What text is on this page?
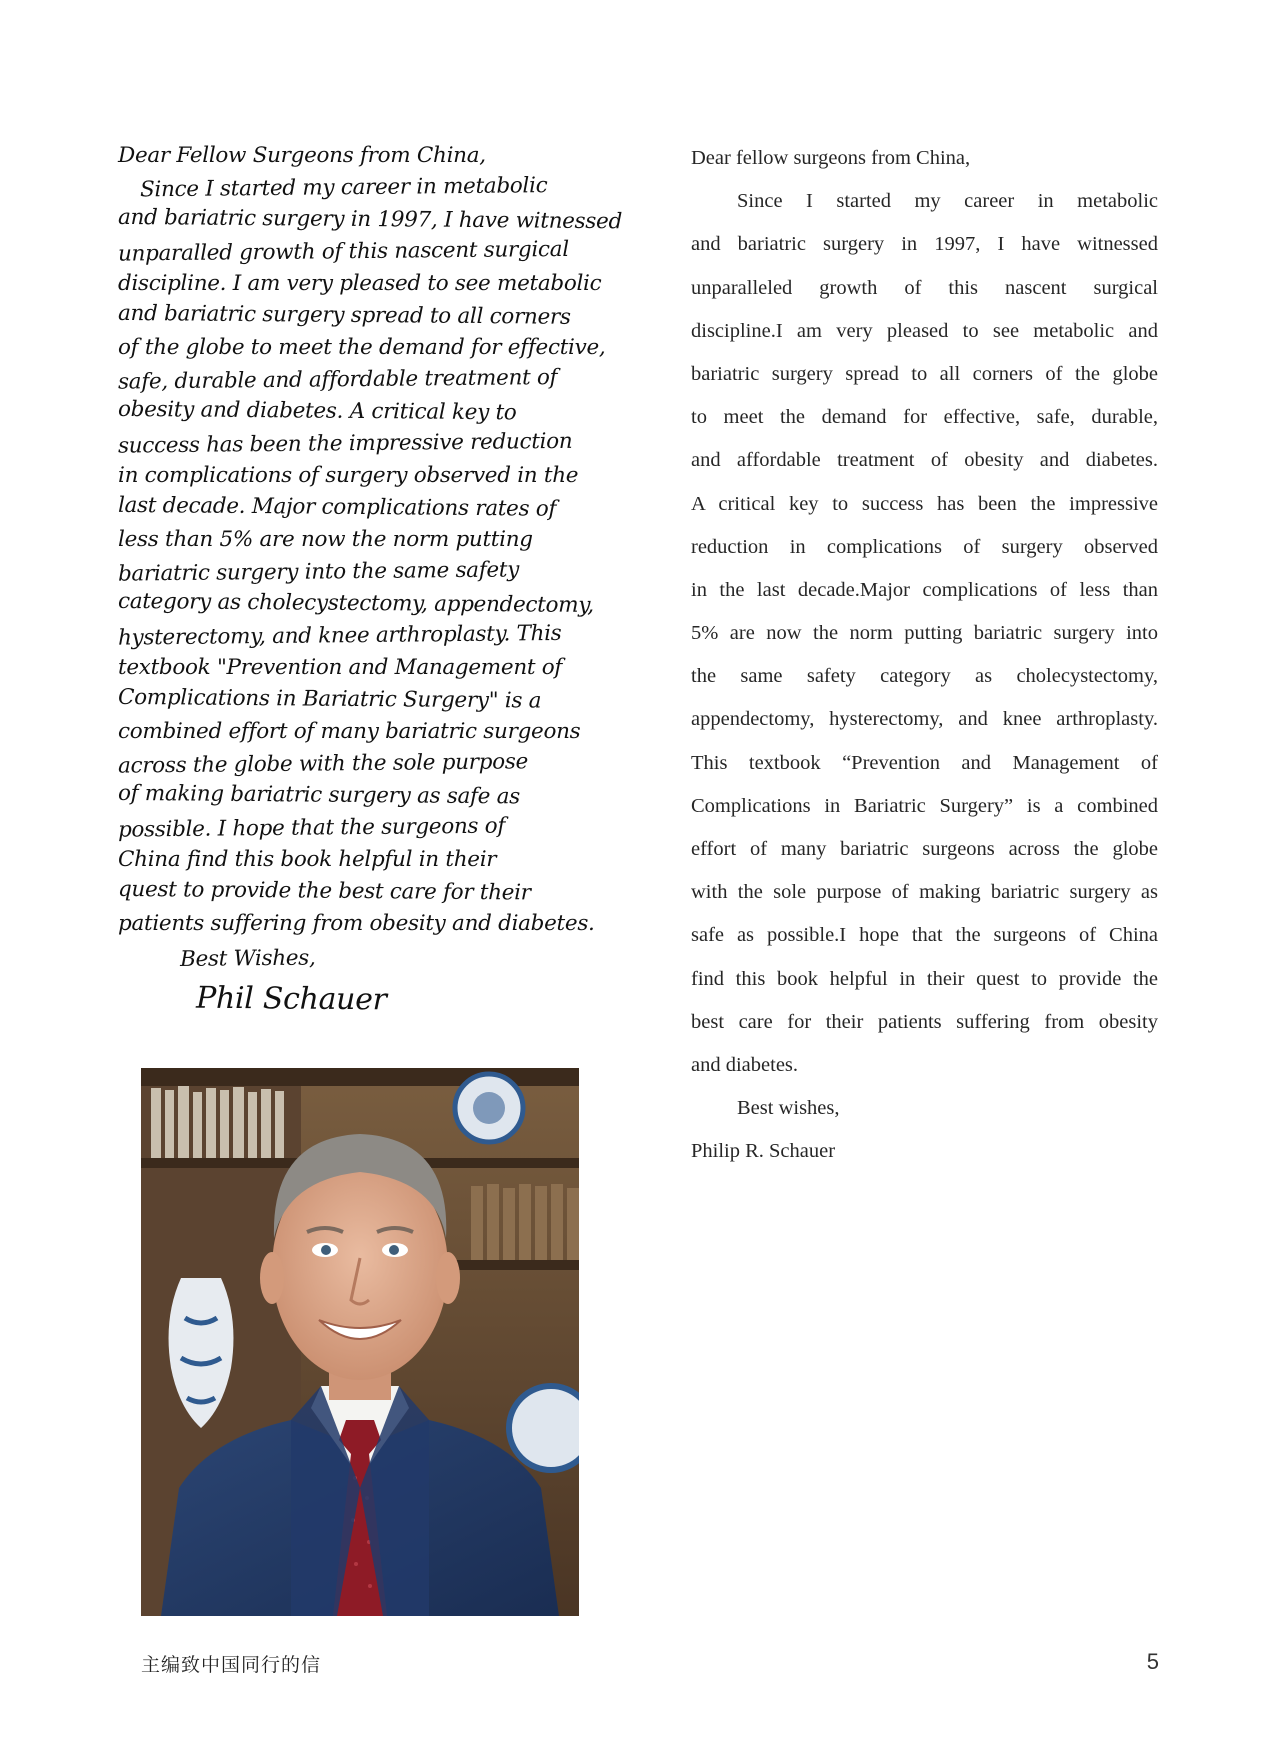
Dear Fellow Surgeons from China,
Since I started my career in metabolic
and bariatric surgery in 1997, I have witnessed
unparalled growth of this nascent surgical
discipline. I am very pleased to see metabolic
and bariatric surgery spread to all corners
of the globe to meet the demand for effective,
safe, durable and affordable treatment of
obesity and diabetes. A critical key to
success has been the impressive reduction
in complications of surgery observed in the
last decade. Major complications rates of
less than 5% are now the norm putting
bariatric surgery into the same safety
category as cholecystectomy, appendectomy,
hysterectomy, and knee arthroplasty. This
textbook "Prevention and Management of
Complications in Bariatric Surgery" is a
combined effort of many bariatric surgeons
across the globe with the sole purpose
of making bariatric surgery as safe as
possible. I hope that the surgeons of
China find this book helpful in their
quest to provide the best care for their
patients suffering from obesity and diabetes.
Best Wishes,
Phil Schauer
Dear fellow surgeons from China,
Since I started my career in metabolic
and bariatric surgery in 1997, I have witnessed
unparalleled growth of this nascent surgical
discipline.I am very pleased to see metabolic and
bariatric surgery spread to all corners of the globe
to meet the demand for effective, safe, durable,
and affordable treatment of obesity and diabetes.
A critical key to success has been the impressive
reduction in complications of surgery observed
in the last decade.Major complications of less than
5% are now the norm putting bariatric surgery into
the same safety category as cholecystectomy,
appendectomy, hysterectomy, and knee arthroplasty.
This textbook “Prevention and Management of
Complications in Bariatric Surgery” is a combined
effort of many bariatric surgeons across the globe
with the sole purpose of making bariatric surgery as
safe as possible.I hope that the surgeons of China
find this book helpful in their quest to provide the
best care for their patients suffering from obesity
and diabetes.
Best wishes,
Philip R. Schauer
主编致中国同行的信	5
